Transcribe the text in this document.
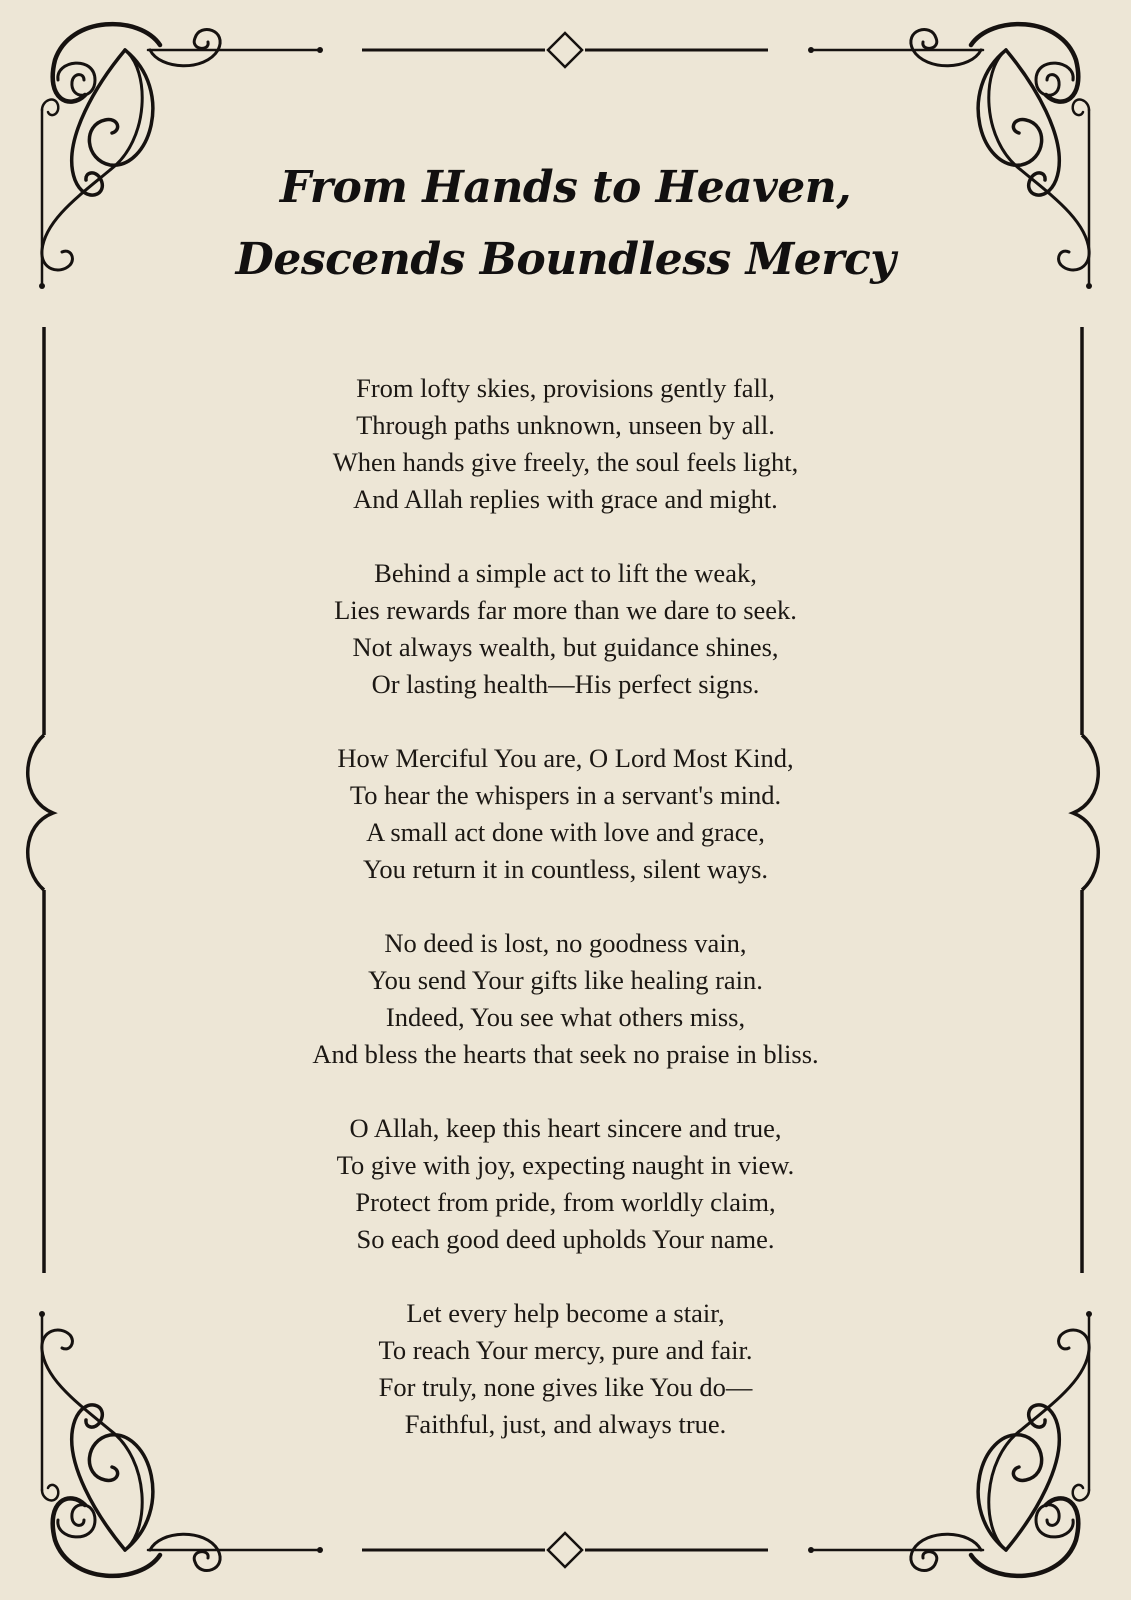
From Hands to Heaven,
Descends Boundless Mercy
From lofty skies, provisions gently fall,
Through paths unknown, unseen by all.
When hands give freely, the soul feels light,
And Allah replies with grace and might.
Behind a simple act to lift the weak,
Lies rewards far more than we dare to seek.
Not always wealth, but guidance shines,
Or lasting health—His perfect signs.
How Merciful You are, O Lord Most Kind,
To hear the whispers in a servant's mind.
A small act done with love and grace,
You return it in countless, silent ways.
No deed is lost, no goodness vain,
You send Your gifts like healing rain.
Indeed, You see what others miss,
And bless the hearts that seek no praise in bliss.
O Allah, keep this heart sincere and true,
To give with joy, expecting naught in view.
Protect from pride, from worldly claim,
So each good deed upholds Your name.
Let every help become a stair,
To reach Your mercy, pure and fair.
For truly, none gives like You do—
Faithful, just, and always true.
